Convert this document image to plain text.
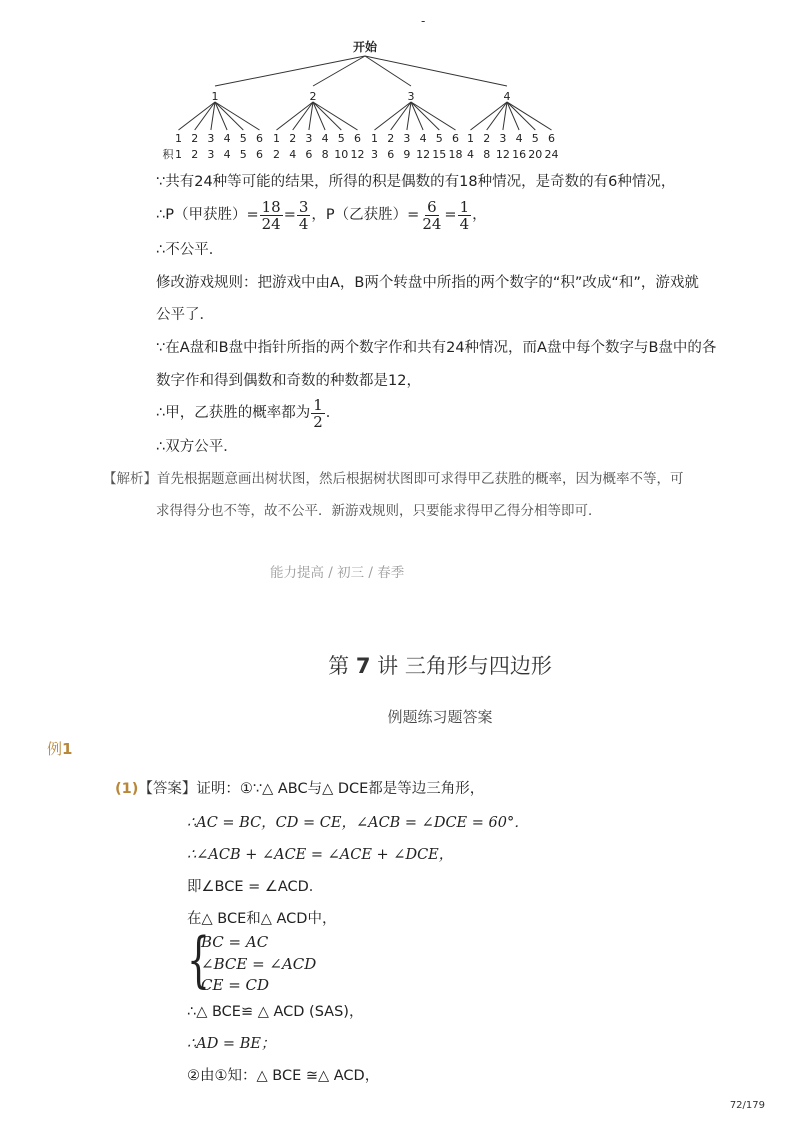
-
开始
1
1
1
2
2
3
3
4
4
5
5
6
6
2
1
2
2
4
3
6
4
8
5
10
6
12
3
1
3
2
6
3
9
4
12
5
15
6
18
4
1
4
2
8
3
12
4
16
5
20
6
24
积
∵共有24种等可能的结果，所得的积是偶数的有18种情况，是奇数的有6种情况，
∴P（甲获胜）= $\frac{18}{24} = \frac{3}{4}$ ，P（乙获胜）= $\frac{6}{24} = \frac{1}{4}$ ，
∴不公平．
修改游戏规则：把游戏中由A，B两个转盘中所指的两个数字的“积”改成“和”，游戏就
公平了．
∵在A盘和B盘中指针所指的两个数字作和共有24种情况，而A盘中每个数字与B盘中的各
数字作和得到偶数和奇数的种数都是12，
∴甲，乙获胜的概率都为 $\frac{1}{2}$ ．
∴双方公平．
【解析】首先根据题意画出树状图，然后根据树状图即可求得甲乙获胜的概率，因为概率不等，可
求得得分也不等，故不公平．新游戏规则，只要能求得甲乙得分相等即可．
能力提高 / 初三 / 春季
第 7 讲 三角形与四边形
例题练习题答案
例1
(1)【答案】证明：①∵△ ABC与△ DCE都是等边三角形，
∴AC = BC，CD = CE，∠ACB = ∠DCE = 60°．
∴∠ACB + ∠ACE = ∠ACE + ∠DCE，
即∠BCE = ∠ACD．
在△ BCE和△ ACD中，
{
BC = AC
∠BCE = ∠ACD
CE = CD
∴△ BCE≌ △ ACD (SAS)，
∴AD = BE；
②由①知：△ BCE ≅△ ACD，
72/179
